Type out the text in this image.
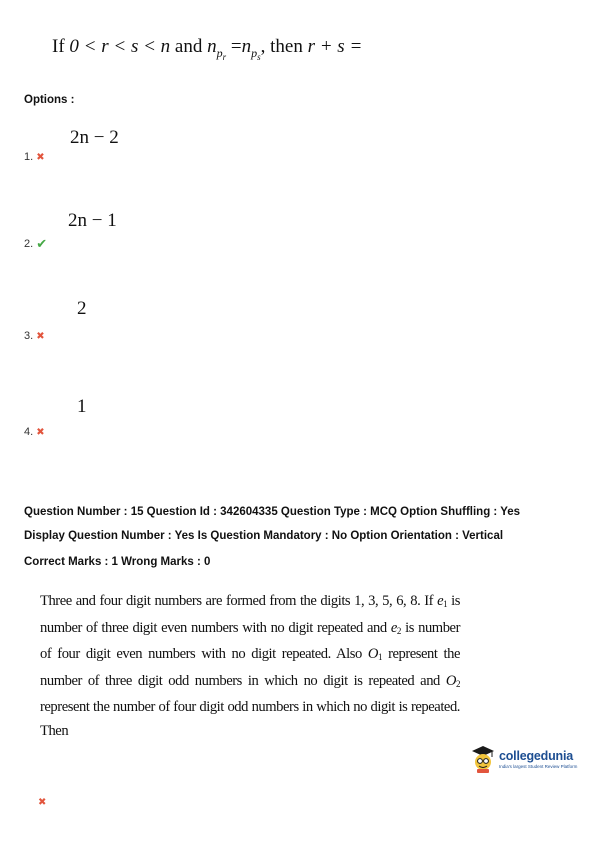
If 0 < r < s < n and $n_{p_r} =n_{p_s}$, then r + s =
Options :
2n − 2
1. ✖
2n − 1
2. ✔
2
3. ✖
1
4. ✖
Question Number : 15 Question Id : 342604335 Question Type : MCQ Option Shuffling : Yes
Display Question Number : Yes Is Question Mandatory : No Option Orientation : Vertical
Correct Marks : 1 Wrong Marks : 0
Three and four digit numbers are formed from the digits 1, 3, 5, 6, 8. If $e_1$ is number of three digit even numbers with no digit repeated and $e_2$ is number of four digit even numbers with no digit repeated. Also $O_1$ represent the number of three digit odd numbers in which no digit is repeated and $O_2$ represent the number of four digit odd numbers in which no digit is repeated. Then
collegedunia
India's largest Student Review Platform
✖
